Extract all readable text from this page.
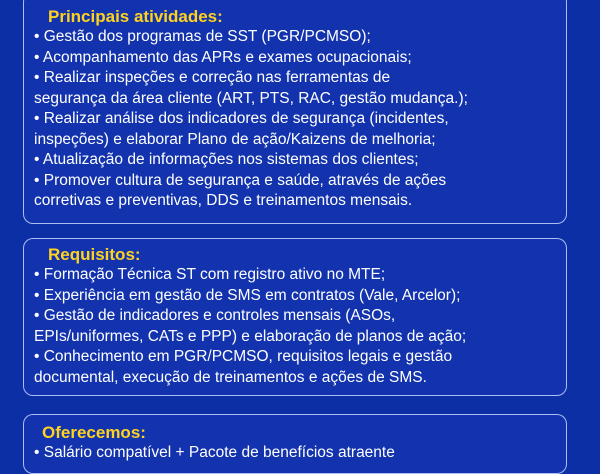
Principais atividades:
• Gestão dos programas de SST (PGR/PCMSO);
• Acompanhamento das APRs e exames ocupacionais;
• Realizar inspeções e correção nas ferramentas de
segurança da área cliente (ART, PTS, RAC, gestão mudança.);
• Realizar análise dos indicadores de segurança (incidentes,
inspeções) e elaborar Plano de ação/Kaizens de melhoria;
• Atualização de informações nos sistemas dos clientes;
• Promover cultura de segurança e saúde, através de ações
corretivas e preventivas, DDS e treinamentos mensais.
Requisitos:
• Formação Técnica ST com registro ativo no MTE;
• Experiência em gestão de SMS em contratos (Vale, Arcelor);
• Gestão de indicadores e controles mensais (ASOs,
EPIs/uniformes, CATs e PPP) e elaboração de planos de ação;
• Conhecimento em PGR/PCMSO, requisitos legais e gestão
documental, execução de treinamentos e ações de SMS.
Oferecemos:
• Salário compatível + Pacote de benefícios atraente
